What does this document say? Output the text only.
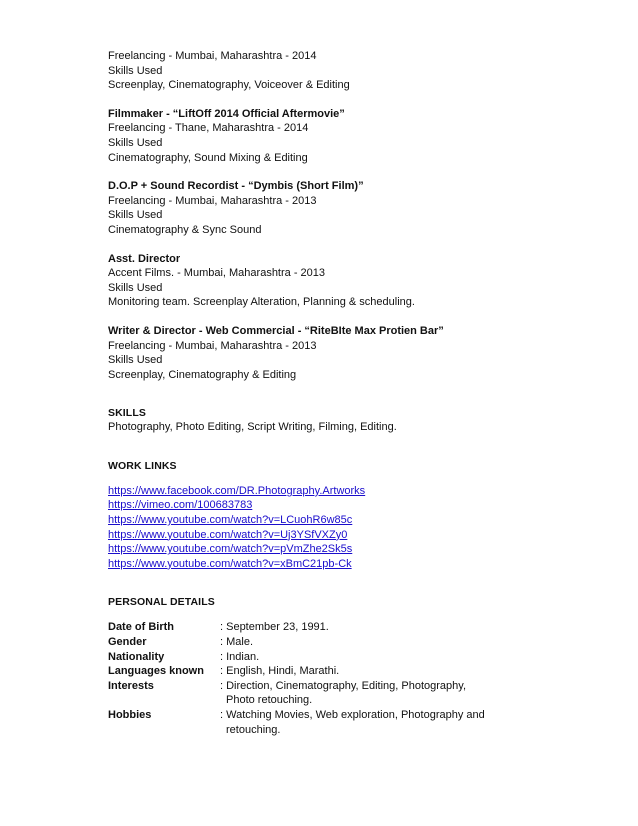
Freelancing - Mumbai, Maharashtra - 2014
Skills Used
Screenplay, Cinematography, Voiceover & Editing
Filmmaker - “LiftOff 2014 Official Aftermovie”
Freelancing - Thane, Maharashtra - 2014
Skills Used
Cinematography, Sound Mixing & Editing
D.O.P + Sound Recordist - “Dymbis (Short Film)”
Freelancing - Mumbai, Maharashtra - 2013
Skills Used
Cinematography & Sync Sound
Asst. Director
Accent Films. - Mumbai, Maharashtra - 2013
Skills Used
Monitoring team. Screenplay Alteration, Planning & scheduling.
Writer & Director - Web Commercial - “RiteBIte Max Protien Bar”
Freelancing - Mumbai, Maharashtra - 2013
Skills Used
Screenplay, Cinematography & Editing
SKILLS
Photography, Photo Editing, Script Writing, Filming, Editing.
WORK LINKS
https://www.facebook.com/DR.Photography.Artworks
https://vimeo.com/100683783
https://www.youtube.com/watch?v=LCuohR6w85c
https://www.youtube.com/watch?v=Uj3YSfVXZy0
https://www.youtube.com/watch?v=pVmZhe2Sk5s
https://www.youtube.com/watch?v=xBmC21pb-Ck
PERSONAL DETAILS
Date of Birth	: September 23, 1991.
Gender	: Male.
Nationality	: Indian.
Languages known	: English, Hindi, Marathi.
Interests	: Direction, Cinematography, Editing, Photography,
Photo retouching.
Hobbies	: Watching Movies, Web exploration, Photography and
retouching.
